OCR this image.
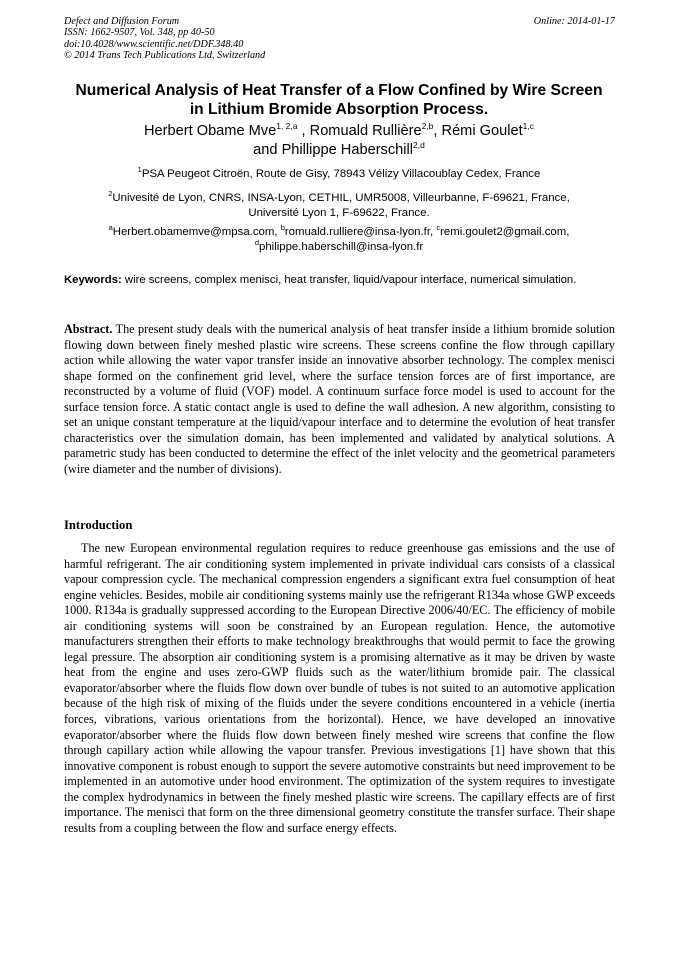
Defect and Diffusion Forum	Online: 2014-01-17
ISSN: 1662-9507, Vol. 348, pp 40-50
doi:10.4028/www.scientific.net/DDF.348.40
© 2014 Trans Tech Publications Ltd, Switzerland
Numerical Analysis of Heat Transfer of a Flow Confined by Wire Screen
in Lithium Bromide Absorption Process.
Herbert Obame Mve$^{1, 2,a}$ , Romuald Rullière$^{2,b}$, Rémi Goulet$^{1,c}$
and Phillippe Haberschill$^{2,d}$
$^1$PSA Peugeot Citroën, Route de Gisy, 78943 Vélizy Villacoublay Cedex, France
$^2$Univesité de Lyon, CNRS, INSA-Lyon, CETHIL, UMR5008, Villeurbanne, F-69621, France,
Université Lyon 1, F-69622, France.
$^a$Herbert.obamemve@mpsa.com, $^b$romuald.rulliere@insa-lyon.fr, $^c$remi.goulet2@gmail.com,
$^d$philippe.haberschill@insa-lyon.fr
Keywords: wire screens, complex menisci, heat transfer, liquid/vapour interface, numerical simulation.
Abstract. The present study deals with the numerical analysis of heat transfer inside a lithium bromide solution flowing down between finely meshed plastic wire screens. These screens confine the flow through capillary action while allowing the water vapor transfer inside an innovative absorber technology. The complex menisci shape formed on the confinement grid level, where the surface tension forces are of first importance, are reconstructed by a volume of fluid (VOF) model. A continuum surface force model is used to account for the surface tension force. A static contact angle is used to define the wall adhesion. A new algorithm, consisting to set an unique constant temperature at the liquid/vapour interface and to determine the evolution of heat transfer characteristics over the simulation domain, has been implemented and validated by analytical solutions. A parametric study has been conducted to determine the effect of the inlet velocity and the geometrical parameters (wire diameter and the number of divisions).
Introduction
The new European environmental regulation requires to reduce greenhouse gas emissions and the use of harmful refrigerant. The air conditioning system implemented in private individual cars consists of a classical vapour compression cycle. The mechanical compression engenders a significant extra fuel consumption of heat engine vehicles. Besides, mobile air conditioning systems mainly use the refrigerant R134a whose GWP exceeds 1000. R134a is gradually suppressed according to the European Directive 2006/40/EC. The efficiency of mobile air conditioning systems will soon be constrained by an European regulation. Hence, the automotive manufacturers strengthen their efforts to make technology breakthroughs that would permit to face the growing legal pressure. The absorption air conditioning system is a promising alternative as it may be driven by waste heat from the engine and uses zero-GWP fluids such as the water/lithium bromide pair. The classical evaporator/absorber where the fluids flow down over bundle of tubes is not suited to an automotive application because of the high risk of mixing of the fluids under the severe conditions encountered in a vehicle (inertia forces, vibrations, various orientations from the horizontal). Hence, we have developed an innovative evaporator/absorber where the fluids flow down between finely meshed wire screens that confine the flow through capillary action while allowing the vapour transfer. Previous investigations [1] have shown that this innovative component is robust enough to support the severe automotive constraints but need improvement to be implemented in an automotive under hood environment. The optimization of the system requires to investigate the complex hydrodynamics in between the finely meshed plastic wire screens. The capillary effects are of first importance. The menisci that form on the three dimensional geometry constitute the transfer surface. Their shape results from a coupling between the flow and surface energy effects.
